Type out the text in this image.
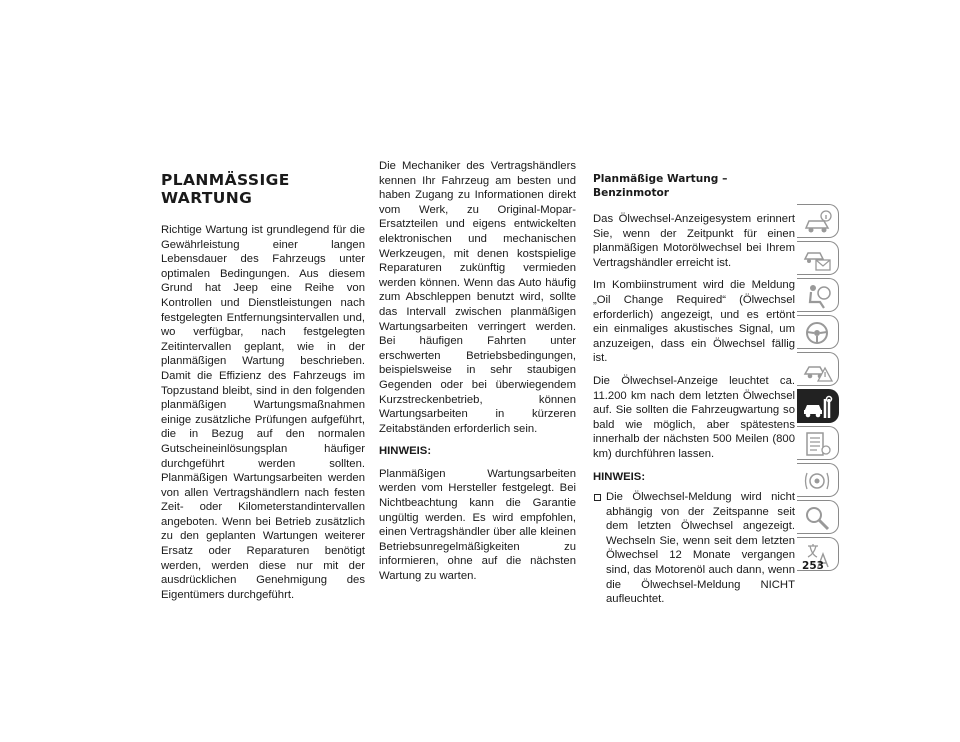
PLANMÄSSIGE WARTUNG

Richtige Wartung ist grundlegend für die Gewährleistung einer langen Lebensdauer des Fahrzeugs unter optimalen Bedingungen. Aus diesem Grund hat Jeep eine Reihe von Kontrollen und Dienstleistungen nach festgelegten Entfernungsintervallen und, wo verfügbar, nach festgelegten Zeitintervallen geplant, wie in der planmäßigen Wartung beschrieben. Damit die Effizienz des Fahrzeugs im Topzustand bleibt, sind in den folgenden planmäßigen Wartungsmaßnahmen einige zusätzliche Prüfungen aufgeführt, die in Bezug auf den normalen Gutscheineinlösungsplan häufiger durchgeführt werden sollten. Planmäßigen Wartungsarbeiten werden von allen Vertragshändlern nach festen Zeit- oder Kilometerstandintervallen angeboten. Wenn bei Betrieb zusätzlich zu den geplanten Wartungen weiterer Ersatz oder Reparaturen benötigt werden, werden diese nur mit der ausdrücklichen Genehmigung des Eigentümers durchgeführt.

Die Mechaniker des Vertragshändlers kennen Ihr Fahrzeug am besten und haben Zugang zu Informationen direkt vom Werk, zu Original-Mopar-Ersatzteilen und eigens entwickelten elektronischen und mechanischen Werkzeugen, mit denen kostspielige Reparaturen zukünftig vermieden werden können. Wenn das Auto häufig zum Abschleppen benutzt wird, sollte das Intervall zwischen planmäßigen Wartungsarbeiten verringert werden. Bei häufigen Fahrten unter erschwerten Betriebsbedingungen, beispielsweise in sehr staubigen Gegenden oder bei überwiegendem Kurzstreckenbetrieb, können Wartungsarbeiten in kürzeren Zeitabständen erforderlich sein.

HINWEIS:

Planmäßigen Wartungsarbeiten werden vom Hersteller festgelegt. Bei Nichtbeachtung kann die Garantie ungültig werden. Es wird empfohlen, einen Vertragshändler über alle kleinen Betriebsunregelmäßigkeiten zu informieren, ohne auf die nächsten Wartung zu warten.

Planmäßige Wartung – Benzinmotor

Das Ölwechsel-Anzeigesystem erinnert Sie, wenn der Zeitpunkt für einen planmäßigen Motorölwechsel bei Ihrem Vertragshändler erreicht ist.

Im Kombiinstrument wird die Meldung „Oil Change Required“ (Ölwechsel erforderlich) angezeigt, und es ertönt ein einmaliges akustisches Signal, um anzuzeigen, dass ein Ölwechsel fällig ist.

Die Ölwechsel-Anzeige leuchtet ca. 11.200 km nach dem letzten Ölwechsel auf. Sie sollten die Fahrzeugwartung so bald wie möglich, aber spätestens innerhalb der nächsten 500 Meilen (800 km) durchführen lassen.

HINWEIS:

Die Ölwechsel-Meldung wird nicht abhängig von der Zeitspanne seit dem letzten Ölwechsel angezeigt. Wechseln Sie, wenn seit dem letzten Ölwechsel 12 Monate vergangen sind, das Motorenöl auch dann, wenn die Ölwechsel-Meldung NICHT aufleuchtet.
253
